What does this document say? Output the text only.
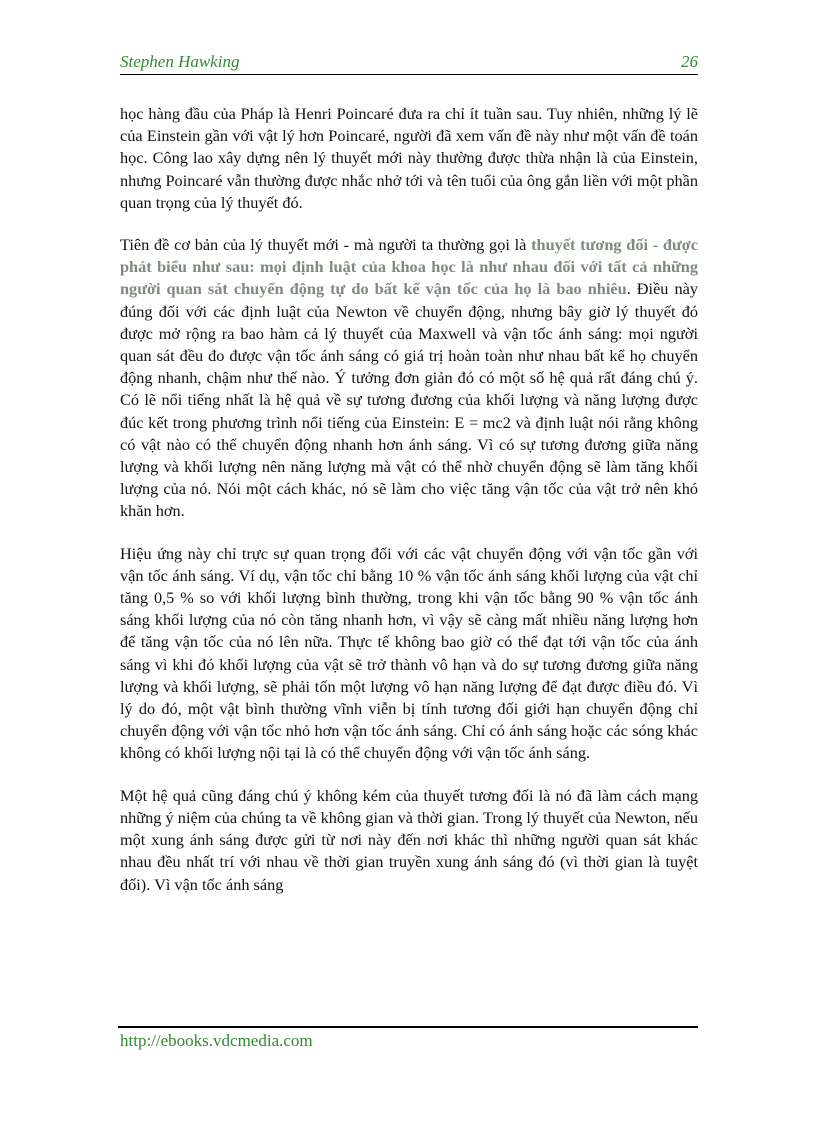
Stephen Hawking	26

học hàng đầu của Pháp là Henri Poincaré đưa ra chỉ ít tuần sau. Tuy nhiên, những lý lẽ của Einstein gần với vật lý hơn Poincaré, người đã xem vấn đề này như một vấn đề toán học. Công lao xây dựng nên lý thuyết mới này thường được thừa nhận là của Einstein, nhưng Poincaré vẫn thường được nhắc nhở tới và tên tuổi của ông gắn liền với một phần quan trọng của lý thuyết đó.

Tiên đề cơ bản của lý thuyết mới - mà người ta thường gọi là thuyết tương đối - được phát biểu như sau: mọi định luật của khoa học là như nhau đối với tất cả những người quan sát chuyển động tự do bất kể vận tốc của họ là bao nhiêu. Điều này đúng đối với các định luật của Newton về chuyển động, nhưng bây giờ lý thuyết đó được mở rộng ra bao hàm cả lý thuyết của Maxwell và vận tốc ánh sáng: mọi người quan sát đều đo được vận tốc ánh sáng có giá trị hoàn toàn như nhau bất kể họ chuyển động nhanh, chậm như thế nào. Ý tưởng đơn giản đó có một số hệ quả rất đáng chú ý. Có lẽ nổi tiếng nhất là hệ quả về sự tương đương của khối lượng và năng lượng được đúc kết trong phương trình nổi tiếng của Einstein: E = mc2 và định luật nói rằng không có vật nào có thể chuyển động nhanh hơn ánh sáng. Vì có sự tương đương giữa năng lượng và khối lượng nên năng lượng mà vật có thể nhờ chuyển động sẽ làm tăng khối lượng của nó. Nói một cách khác, nó sẽ làm cho việc tăng vận tốc của vật trở nên khó khăn hơn.

Hiệu ứng này chỉ trực sự quan trọng đối với các vật chuyển động với vận tốc gần với vận tốc ánh sáng. Ví dụ, vận tốc chỉ bằng 10 % vận tốc ánh sáng khối lượng của vật chỉ tăng 0,5 % so với khối lượng bình thường, trong khi vận tốc bằng 90 % vận tốc ánh sáng khối lượng của nó còn tăng nhanh hơn, vì vậy sẽ càng mất nhiều năng lượng hơn để tăng vận tốc của nó lên nữa. Thực tế không bao giờ có thể đạt tới vận tốc của ánh sáng vì khi đó khối lượng của vật sẽ trở thành vô hạn và do sự tương đương giữa năng lượng và khối lượng, sẽ phải tốn một lượng vô hạn năng lượng để đạt được điều đó. Vì lý do đó, một vật bình thường vĩnh viễn bị tính tương đối giới hạn chuyển động chỉ chuyển động với vận tốc nhỏ hơn vận tốc ánh sáng. Chỉ có ánh sáng hoặc các sóng khác không có khối lượng nội tại là có thể chuyển động với vận tốc ánh sáng.

Một hệ quả cũng đáng chú ý không kém của thuyết tương đối là nó đã làm cách mạng những ý niệm của chúng ta về không gian và thời gian. Trong lý thuyết của Newton, nếu một xung ánh sáng được gửi từ nơi này đến nơi khác thì những người quan sát khác nhau đều nhất trí với nhau về thời gian truyền xung ánh sáng đó (vì thời gian là tuyệt đối). Vì vận tốc ánh sáng

http://ebooks.vdcmedia.com
